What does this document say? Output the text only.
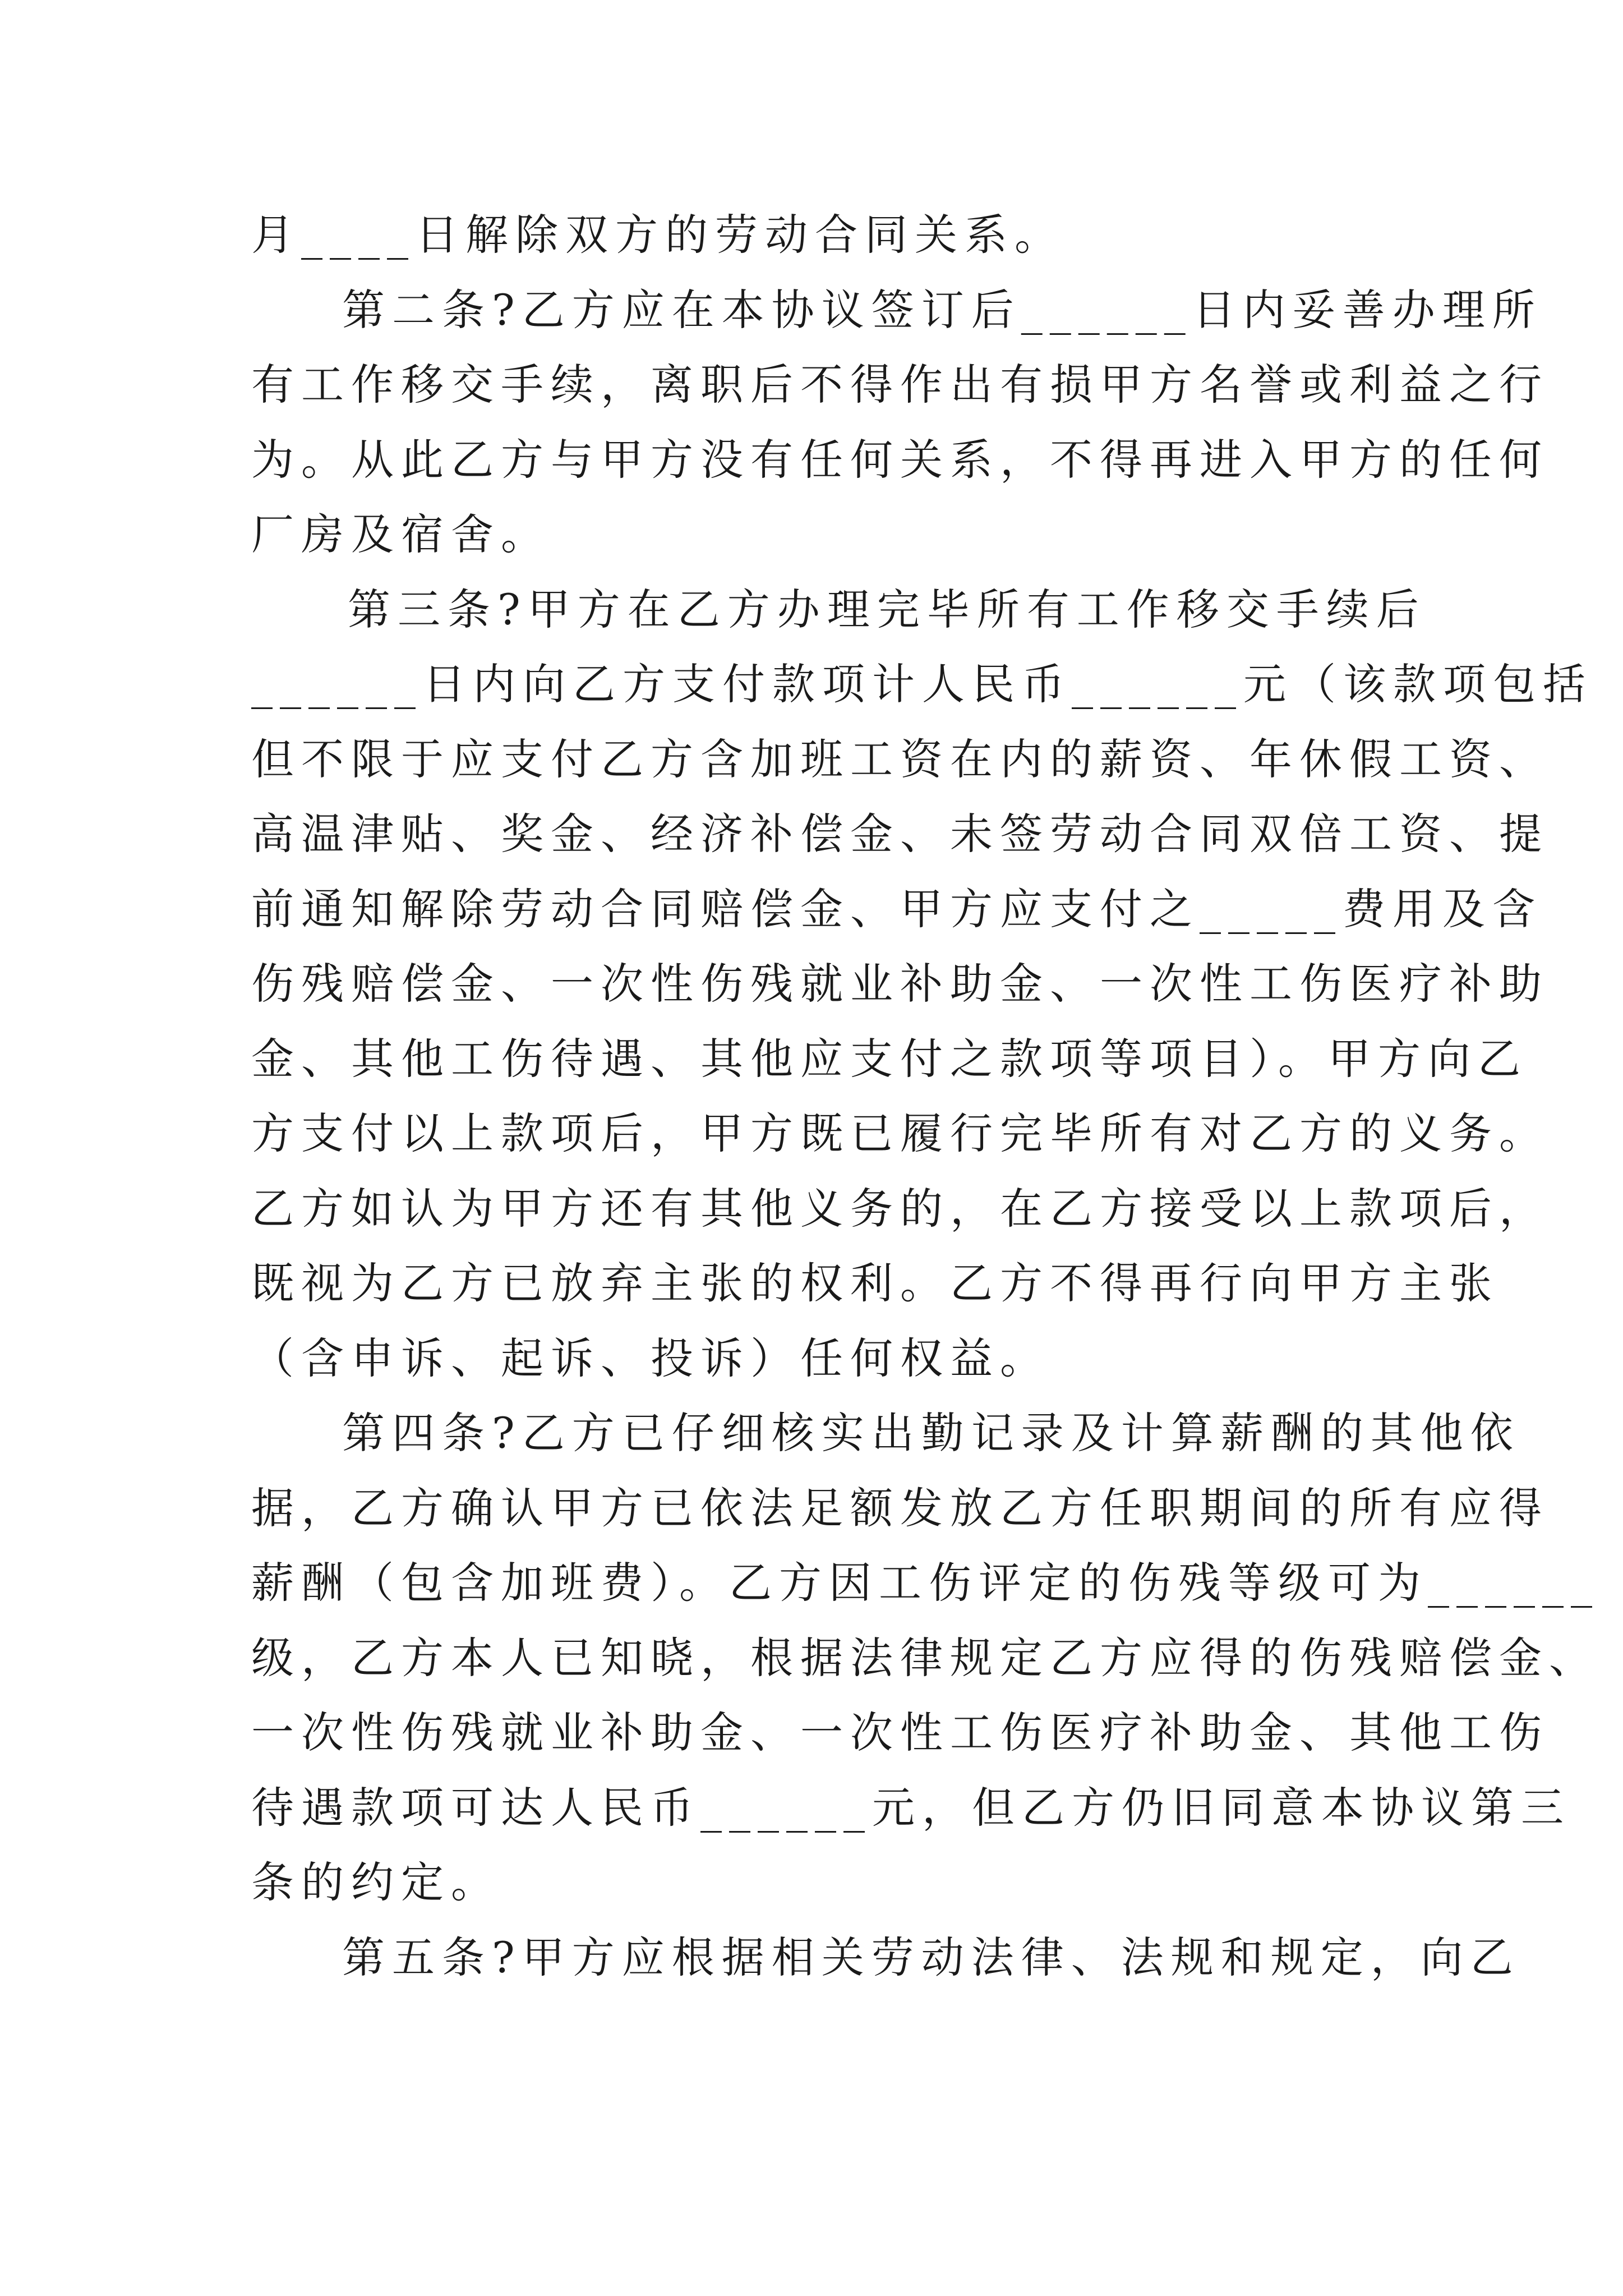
月____日解除双方的劳动合同关系。
第二条?乙方应在本协议签订后______日内妥善办理所
有工作移交手续，离职后不得作出有损甲方名誉或利益之行
为。从此乙方与甲方没有任何关系，不得再进入甲方的任何
厂房及宿舍。
第三条?甲方在乙方办理完毕所有工作移交手续后
______日内向乙方支付款项计人民币______元（该款项包括
但不限于应支付乙方含加班工资在内的薪资、年休假工资、
高温津贴、奖金、经济补偿金、未签劳动合同双倍工资、提
前通知解除劳动合同赔偿金、甲方应支付之_____费用及含
伤残赔偿金、一次性伤残就业补助金、一次性工伤医疗补助
金、其他工伤待遇、其他应支付之款项等项目）。甲方向乙
方支付以上款项后，甲方既已履行完毕所有对乙方的义务。
乙方如认为甲方还有其他义务的，在乙方接受以上款项后，
既视为乙方已放弃主张的权利。乙方不得再行向甲方主张
（含申诉、起诉、投诉）任何权益。
第四条?乙方已仔细核实出勤记录及计算薪酬的其他依
据，乙方确认甲方已依法足额发放乙方任职期间的所有应得
薪酬（包含加班费）。乙方因工伤评定的伤残等级可为______
级，乙方本人已知晓，根据法律规定乙方应得的伤残赔偿金、
一次性伤残就业补助金、一次性工伤医疗补助金、其他工伤
待遇款项可达人民币______元，但乙方仍旧同意本协议第三
条的约定。
第五条?甲方应根据相关劳动法律、法规和规定，向乙
